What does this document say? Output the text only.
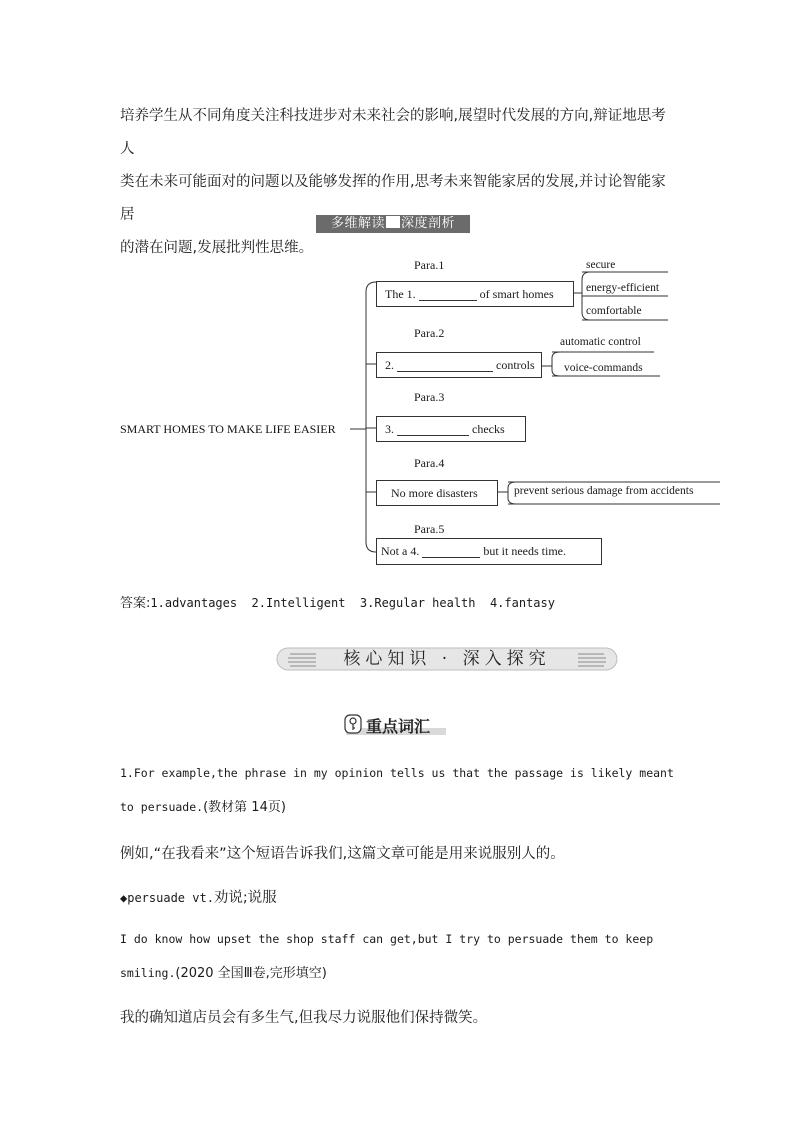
培养学生从不同角度关注科技进步对未来社会的影响,展望时代发展的方向,辩证地思考人
类在未来可能面对的问题以及能够发挥的作用,思考未来智能家居的发展,并讨论智能家居
的潜在问题,发展批判性思维。
多维解读 深度剖析
SMART HOMES TO MAKE LIFE EASIER
Para.1
Para.2
Para.3
Para.4
Para.5
The 1.	of smart homes
2.	controls
3.	checks
No more disasters
Not a 4.	but it needs time.
secure
energy-efficient
comfortable
automatic control
voice-commands
prevent serious damage from accidents
答案:1.advantages  2.Intelligent  3.Regular health  4.fantasy
核心知识 · 深入探究
重点词汇
1.For example,the phrase in my opinion tells us that the passage is likely meant
to persuade.(教材第 14页)
例如,“在我看来”这个短语告诉我们,这篇文章可能是用来说服别人的。
◆persuade vt.劝说;说服
I do know how upset the shop staff can get,but I try to persuade them to keep
smiling.(2020 全国Ⅲ卷,完形填空)
我的确知道店员会有多生气,但我尽力说服他们保持微笑。
